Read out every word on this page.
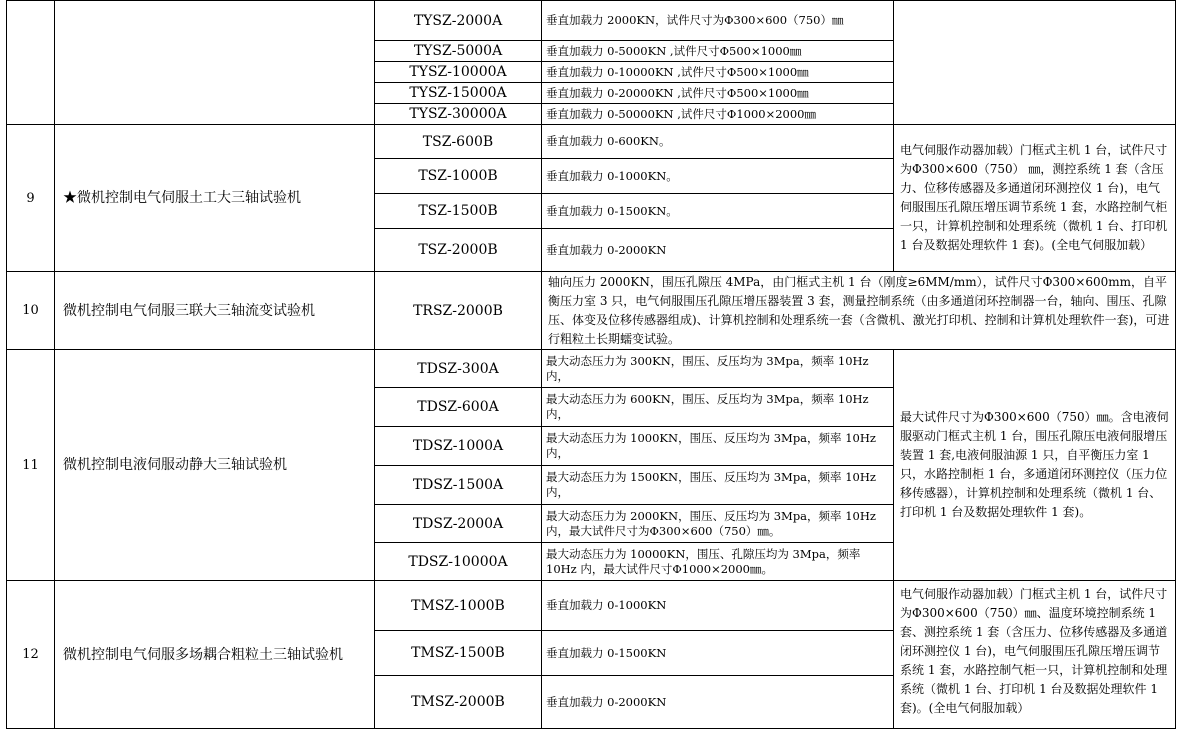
		TYSZ-2000A	垂直加载力 2000KN，试件尺寸为Φ300×600（750）㎜	
		TYSZ-5000A	垂直加载力 0-5000KN ,试件尺寸Φ500×1000㎜	
		TYSZ-10000A	垂直加载力 0-10000KN ,试件尺寸Φ500×1000㎜	
		TYSZ-15000A	垂直加载力 0-20000KN ,试件尺寸Φ500×1000㎜	
		TYSZ-30000A	垂直加载力 0-50000KN ,试件尺寸Φ1000×2000㎜	
9	★微机控制电气伺服土工大三轴试验机	TSZ-600B	垂直加载力 0-600KN。	电气伺服作动器加载）门框式主机 1 台，试件尺寸为Φ300×600（750） ㎜，测控系统 1 套（含压力、位移传感器及多通道闭环测控仪 1 台)，电气伺服围压孔隙压增压调节系统 1 套，水路控制气柜一只，计算机控制和处理系统（微机 1 台、打印机 1 台及数据处理软件 1 套)。(全电气伺服加载）
		TSZ-1000B	垂直加载力 0-1000KN。	
		TSZ-1500B	垂直加载力 0-1500KN。	
		TSZ-2000B	垂直加载力 0-2000KN	
10	微机控制电气伺服三联大三轴流变试验机	TRSZ-2000B	轴向压力 2000KN，围压孔隙压 4MPa，由门框式主机 1 台（刚度≥6MM/mm），试件尺寸Φ300×600mm，自平衡压力室 3 只，电气伺服围压孔隙压增压器装置 3 套，测量控制系统（由多通道闭环控制器一台，轴向、围压、孔隙压、体变及位移传感器组成)、计算机控制和处理系统一套（含微机、激光打印机、控制和计算机处理软件一套)，可进行粗粒土长期蠕变试验。	
11	微机控制电液伺服动静大三轴试验机	TDSZ-300A	最大动态压力为 300KN，围压、反压均为 3Mpa，频率 10Hz 内，	最大试件尺寸为Φ300×600（750）㎜。含电液伺服驱动门框式主机 1 台，围压孔隙压电液伺服增压装置 1 套,电液伺服油源 1 只，自平衡压力室 1 只，水路控制柜 1 台，多通道闭环测控仪（压力位移传感器），计算机控制和处理系统（微机 1 台、打印机 1 台及数据处理软件 1 套)。
		TDSZ-600A	最大动态压力为 600KN，围压、反压均为 3Mpa，频率 10Hz 内，	
		TDSZ-1000A	最大动态压力为 1000KN，围压、反压均为 3Mpa，频率 10Hz 内，	
		TDSZ-1500A	最大动态压力为 1500KN，围压、反压均为 3Mpa，频率 10Hz 内，	
		TDSZ-2000A	最大动态压力为 2000KN，围压、反压均为 3Mpa，频率 10Hz 内，最大试件尺寸为Φ300×600（750）㎜。	
		TDSZ-10000A	最大动态压力为 10000KN，围压、孔隙压均为 3Mpa，频率 10Hz 内，最大试件尺寸Φ1000×2000㎜。	
12	微机控制电气伺服多场耦合粗粒土三轴试验机	TMSZ-1000B	垂直加载力 0-1000KN	电气伺服作动器加载）门框式主机 1 台，试件尺寸为Φ300×600（750）㎜、温度环境控制系统 1 套、测控系统 1 套（含压力、位移传感器及多通道闭环测控仪 1 台)，电气伺服围压孔隙压增压调节系统 1 套，水路控制气柜一只，计算机控制和处理系统（微机 1 台、打印机 1 台及数据处理软件 1 套)。(全电气伺服加载）
		TMSZ-1500B	垂直加载力 0-1500KN	
		TMSZ-2000B	垂直加载力 0-2000KN	
